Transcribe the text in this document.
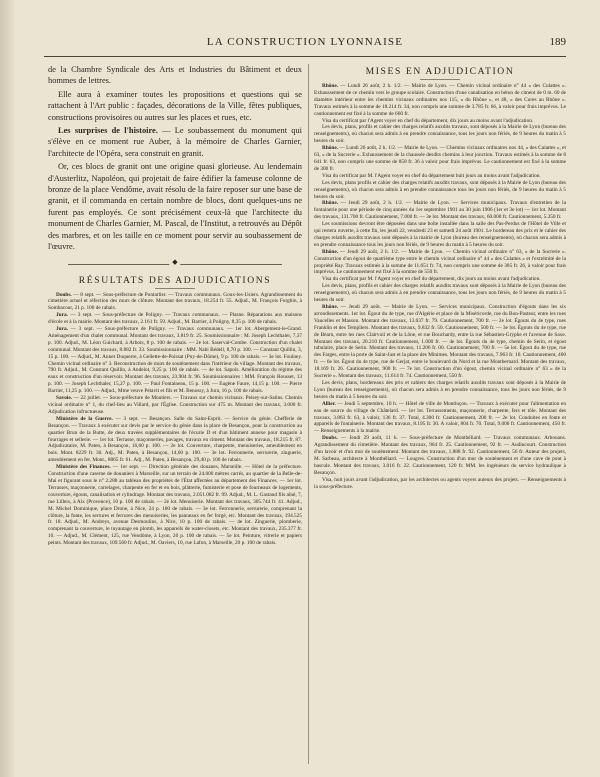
LA CONSTRUCTION LYONNAISE	189

de la Chambre Syndicale des Arts et Industries du Bâtiment et deux hommes de lettres.

Elle aura à examiner toutes les propositions et questions qui se rattachent à l'Art public : façades, décorations de la Ville, fêtes publiques, constructions provisoires ou autres sur les places et rues, etc.

Les surprises de l'histoire. — Le soubassement du monument qui s'élève en ce moment rue Auber, à la mémoire de Charles Garnier, l'architecte de l'Opéra, sera construit en granit.

Or, ces blocs de granit ont une origine quasi glorieuse. Au lendemain d'Austerlitz, Napoléon, qui projetait de faire édifier la fameuse colonne de bronze de la place Vendôme, avait résolu de la faire reposer sur une base de granit, et il commanda en certain nombre de blocs, dont quelques-uns ne furent pas employés. Ce sont précisément ceux-là que l'architecte du monument de Charles Garnier, M. Pascal, de l'Institut, a retrouvés au Dépôt des marbres, et on les taille en ce moment pour servir au soubassement de l'œuvre.

◆
RÉSULTATS DES ADJUDICATIONS

Doubs. — 8 sept. — Sous-préfecture de Pontarlier. — Travaux communaux. Goux-les-Usiers. Agrandissement du cimetière actuel et réfection des murs de clôture. Montant des travaux, 18.254 fr. 55. Adjud., M. François Forghin, à Sombacour, 21 p. 100 de rabais.

Jura. — 3 sept. — Sous-préfecture de Poligny. — Travaux communaux. — Plasne. Réparations aux maisons d'école et à la mairie. Montant des travaux, 2.161 fr. 59. Adjud., M. Barrier, à Poligny, 8,35 p. 100 de rabais.

Jura. — 3 sept. — Sous-préfecture de Poligny. — Travaux communaux. — 1er lot. Abergement-le-Grand. Aménagement d'un chalet communal. Montant des travaux, 3.819 fr. 25. Soumissionnaire : M. Joseph Lechthaler, 7,37 p. 100. Adjud., M. Léon Guichard, à Arbois, 8 p. 100 de rabais. — 2e lot. Saserval-Combe. Construction d'un chalet communal. Montant des travaux, 8.882 fr. 33. Soumissionnaire : MM. Nabi Bédell, 8,70 p. 100. — Constant Quillin, 3, 15 p. 100. — Adjud., M. Annet Duquerre, à Gellette-de-Poissat (Puy-de-Dôme), 9 p. 100 de rabais. — 3e lot. Foulney. Chemin vicinal ordinaire n° 3. Reconstruction de murs de soutènement dans l'intérieur du village. Montant des travaux, 790 fr. Adjud., M. Constant Quillin, à Andelot, 9,25 p. 100 de rabais. — 4e lot. Sapois. Amélioration du régime des eaux et construction d'un réservoir. Montant des travaux, 23.904 fr. 96. Soumissionnaires : MM. François Rousset, 13 p. 100. — Joseph Lechthaler, 15,27 p. 100. — Paul Fontaineau, 15 p. 100. — Eugène Faure, 14,15 p. 100. — Pierre Barrier, 11,25 p. 100. — Adjud., Mme veuve Pétavit et fils et M. Benossy, à Jura, 16 p. 100 de rabais.

Savoie. — 22 juillet. — Sous-préfecture de Moutiers. — Travaux sur chemin vicinaux. Peisey-sur-Salins. Chemin vicinal ordinaire n° 1, du chef-lieu au Villard, par l'Église. Construction sur 475 m. Montant des travaux, 3.000 fr. Adjudication infructueuse.

Ministère de la Guerre. — 3 sept. — Besançon. Salle du Saint-Esprit. — Service du génie. Chefferie de Besançon. — Travaux à exécuter sur devis par le service du génie dans la place de Besançon, pour la construction au quartier Brun de la Butte, de deux travées supplémentaires de l'écurie D et d'un bâtiment annexe pour magasin à fourrages et sellerie. — 1er lot. Terrasse, maçonneries, pavages, travaux en ciment. Montant des travaux, 18.215 fr. 87. Adjudicataire, M. Paten, à Besançon, 16,60 p. 100. — 2e lot. Couverture, charpente, menuiseries, ameublement en bois. Mont. 8229 fr. 30. Adj., M. Paten, à Besançon, 14,60 p. 100. — 3e lot. Ferronnerie, serrurerie, zinguerie, ameublement en fer. Mont., 8865 fr. 61. Adj., M. Paten, à Besançon, 29,40 p. 100 de rabais.

Ministère des Finances. — 1er sept. — Direction générale des douanes, Marseille. — Hôtel de la préfecture. Construction d'une caserne de douaniers à Marseille, sur un terrain de 24.000 mètres carrés, au quartier de la Belle-de-Mai et figurant sous le n° 2.288 au tableau des propriétés de l'État affectées au département des Finances. — 1er lot. Terrasses, maçonnerie, carrelages, charpente en fer et en bois, plâtrerie, fumisterie et pose de fourneaux de logements, couverture, égouts, canalisation et cylindrage. Montant des travaux, 2.051.082 fr. 99. Adjud., M. L. Gastaud fils aîné, 7, rue Lillers, à Aix (Provence), 10 p. 100 de rabais. — 2e lot. Menuiserie. Montant des travaux, 305.744 fr. 41. Adjud., M. Michel Dominique, place Drone, à Nice, 24 p. 100 de rabais. — 3e lot. Ferronnerie, serrurerie, comprenant la clôture, la fonte, les serrures et ferrures des menuiseries, les panneaux en fer forgé, etc. Montant des travaux, 194.525 fr. 18. Adjud., M. Andreys, avenue Desmoulins, à Nice, 10 p. 100 de rabais. — 4e lot. Zinguerie, plomberie, comprenant la couverture, le tuyautage en plomb, les appareils de water-closets, etc. Montant des travaux, 235.377 fr. 10. — Adjud., M. Clément, 125, rue Vendôme, à Lyon, 20 p. 100 de rabais. — 5e lot. Peinture, vitrerie et papiers peints. Montant des travaux, 109.560 fr. Adjud., M. Oaviers, 10, rue Lafon, à Marseille, 20 p. 100 de rabais.

MISES EN ADJUDICATION

Rhône. — Lundi 26 août, 2 h. 1/2. — Mairie de Lyon. — Chemin vicinal ordinaire n° 44 « des Culattes ». Exhaussement de ce chemin vers le groupe scolaire. Construction d'une canalisation en béton de ciment de 0 m. 60 de diamètre intérieur entre les chemins vicinaux ordinaires nos 115, « du Rhône », et 48, « des Cures au Rhône ». Travaux estimés à la somme de 18.214 fr. 34, non compris une somme de 3.785 fr. 66, à valoir pour frais imprévus. Le cautionnement est fixé à la somme de 660 fr.

Visa du certificat par l'Agent voyer en chef du département, dix jours au moins avant l'adjudication.

Les devis, plans, profils et cahier des charges relatifs auxdits travaux, sont déposés à la Mairie de Lyon (bureau des renseignements), où chacun sera admis à en prendre connaissance, tous les jours non fériés, de 9 heures du matin à 5 heures du soir.

Rhône. — Lundi 26 août, 2 h. 1/2. — Mairie de Lyon. — Chemins vicinaux ordinaires nos 44, « des Culattes », et 63, « de la Sucrerie ». Exhaussement de la chaussée desdits chemins à leur jonction. Travaux estimés à la somme de 8 641 fr. 63, non compris une somme de 858 fr. 36 à valoir pour frais imprévus. Le cautionnement est fixé à la somme de 300 fr.

Visa du certificat par M. l'Agent voyer en chef du département huit jours au moins avant l'adjudication.

Les devis, plans profils et cahier des charges relatifs auxdits travaux, sont déposés à la Mairie de Lyon (bureau des renseignements), où chacun sera admis à en prendre connaissance tous les jours non fériés, de 9 heures du matin à 5 heures du soir.

Rhône. — Jeudi 29 août, 2 h. 1/2. — Mairie de Lyon. — Services municipaux. Travaux d'entretien de la fontainerie pour une période de cinq années du 1er septembre 1901 au 30 juin 1906 (1er et 3e lot) — 1er lot. Montant des travaux, 131.700 fr. Cautionnement, 7.000 fr. — 3e lot. Montant des travaux, 60.000 fr. Cautionnement, 5.350 fr.

Les soumissions devront être déposées dans une boîte installée dans la salle des Pas-Perdus de l'Hôtel de Ville et qui restera ouverte, à cette fin, les jeudi 22, vendredi 23 et samedi 24 août 1901. Le bordereau des prix et le cahier des charges relatifs auxdits travaux sont déposés à la mairie de Lyon (bureau des renseignements), où chacun sera admis à en prendre connaissance tous les jours non fériés, de 9 heures du matin à 5 heures du soir.

Rhône. — Jeudi 29 août, 2 h. 1/2. — Mairie de Lyon. — Chemin vicinal ordinaire n° 63, « de la Sucrerie ». Construction d'un égout de quatrième type entre le chemin vicinal ordinaire n° 44 « des Culattes » et l'extrémité de la propriété Ray. Travaux estimés à la somme de 11.651 fr. 74, non compris une somme de 385 fr. 26, à valoir pour frais imprévus. Le cautionnement est fixé à la somme de 550 fr.

Visa du certificat par M. l'Agent voyer en chef du département, dix jours au moins avant l'adjudication.

Les devis, plans, profils et cahier des charges relatifs auxdits travaux sont déposés à la Mairie de Lyon (bureau des renseignements), où chacun sera admis à en prendre connaissance, tous les jours non fériés, de 9 heures du matin à 5 heures du soir.

Rhône. — Jeudi 29 août. — Mairie de Lyon. — Services municipaux. Construction d'égouts dans les six arrondissements. 1er lot. Égout du 4e type, rue d'Algérie et place de la Miséricorde, rue du Bon-Pasteur, entre les rues Vaucelles et Masson. Montant des travaux, 13.037 fr. 79. Cautionnement, 700 fr. — 2e lot. Égouts du 4e type, rues Franklin et des Templiers. Montant des travaux, 9.832 fr. 50. Cautionnement, 500 fr. — 3e lot. Égouts du 4e type, rue de Béarn, entre les rues Clairvoil et de la Lône, et rue Bouchardy, entre la rue Sébastien-Gryphe et l'avenue de Saxe. Montant des travaux, 20.210 fr. Cautionnement, 1.000 fr. — 4e lot. Égouts du 4e type, chemin de Serin, et égout tubulaire, place de Serin. Montant des travaux, 11.206 fr. 00. Cautionnement, 700 fr. — 5e lot. Égout du 4e type, rue des Farges, entre la porte de Saint-Just et la place des Minimes. Montant des travaux, 7.963 fr. 10. Cautionnement, 400 fr. — 6e lot. Égout du 4e type, rue de Gerjat, entre le boulevard du Nord et la rue Montbernard. Montant des travaux, 18.169 fr. 26. Cautionnement, 900 fr. — 7e lot. Construction d'un égout, chemin vicinal ordinaire n° 63 « de la Sucrerie ». Montant des travaux, 11.614 fr. 74. Cautionnement, 550 fr.

Les devis, plans, bordereaux des prix et cahiers des charges relatifs auxdits travaux sont déposés à la Mairie de Lyon (bureau des renseignements), où chacun sera admis à en prendre connaissance, tous les jours non fériés, de 9 heures du matin à 5 heures du soir.

Allier. — Jeudi 5 septembre, 10 h. — Hôtel de ville de Montluçon. — Travaux à exécuter pour l'alimentation en eau de source du village de Châtelard. — 1er lot. Terrassements, maçonnerie, charpente, fers et tôle. Montant des travaux, 3.863 fr. 63, à valoir, 136 fr. 37. Total, 4.300 fr. Cautionnement, 200 fr. — 2e lot. Conduites en fonte et appareils de fontainerie. Montant des travaux, 8.195 fr. 30. A valoir, 804 fr. 70. Total, 9.000 fr. Cautionnement, 450 fr. — Renseignements à la mairie.

Doubs. — Jeudi 29 août, 11 h. — Sous-préfecture de Montbéliard. — Travaux communaux. Arbouans. Agrandissement du cimetière. Montant des travaux, 964 fr. 25. Cautionnement, 92 fr. — Audincourt. Construction d'un lavoir et d'un mur de soutènement. Montant des travaux, 1.888 fr. 92. Cautionnement, 56 fr. Auteur des projets, M. Sarbeau, architecte à Montbéliard. — Lougres. Construction d'un mur de soutènement et d'une cave de pont à bascule. Montant des travaux, 3.016 fr. 22. Cautionnement, 120 fr. MM. les ingénieurs du service hydraulique à Besançon.

Visa, huit jours avant l'adjudication, par les architectes ou agents voyers auteurs des projets. — Renseignements à la sous-préfecture.
